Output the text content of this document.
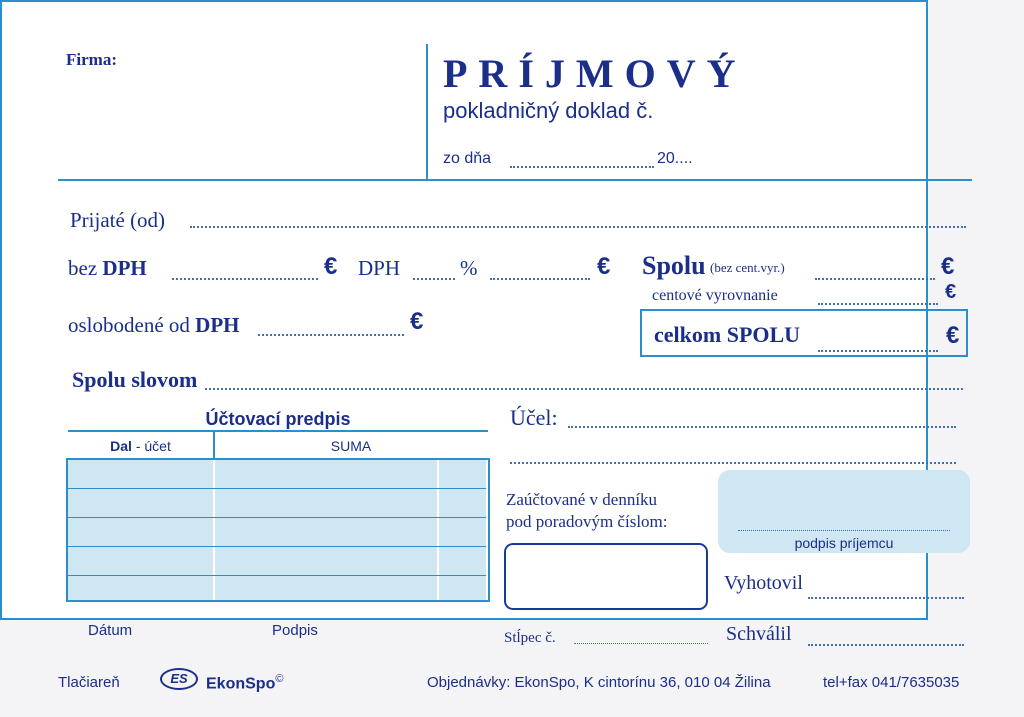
Firma:	PRÍJMOVÝ
pokladničný doklad č.
zo dňa	20....
Prijaté (od)
bez DPH	€ DPH	%	€ Spolu (bez cent.vyr.)	€
centové vyrovnanie	€
celkom SPOLU	€
oslobodené od DPH	€
Spolu slovom
Účtovací predpis
Dal - účet	SUMA
Dátum	Podpis
Účel:
Zaúčtované v denníku
pod poradovým číslom:
podpis príjemcu
Vyhotovil
Schválil
Stĺpec č.
Tlačiareň	ES	EkonSpo©	Objednávky: EkonSpo, K cintorínu 36, 010 04 Žilina	tel+fax 041/7635035
